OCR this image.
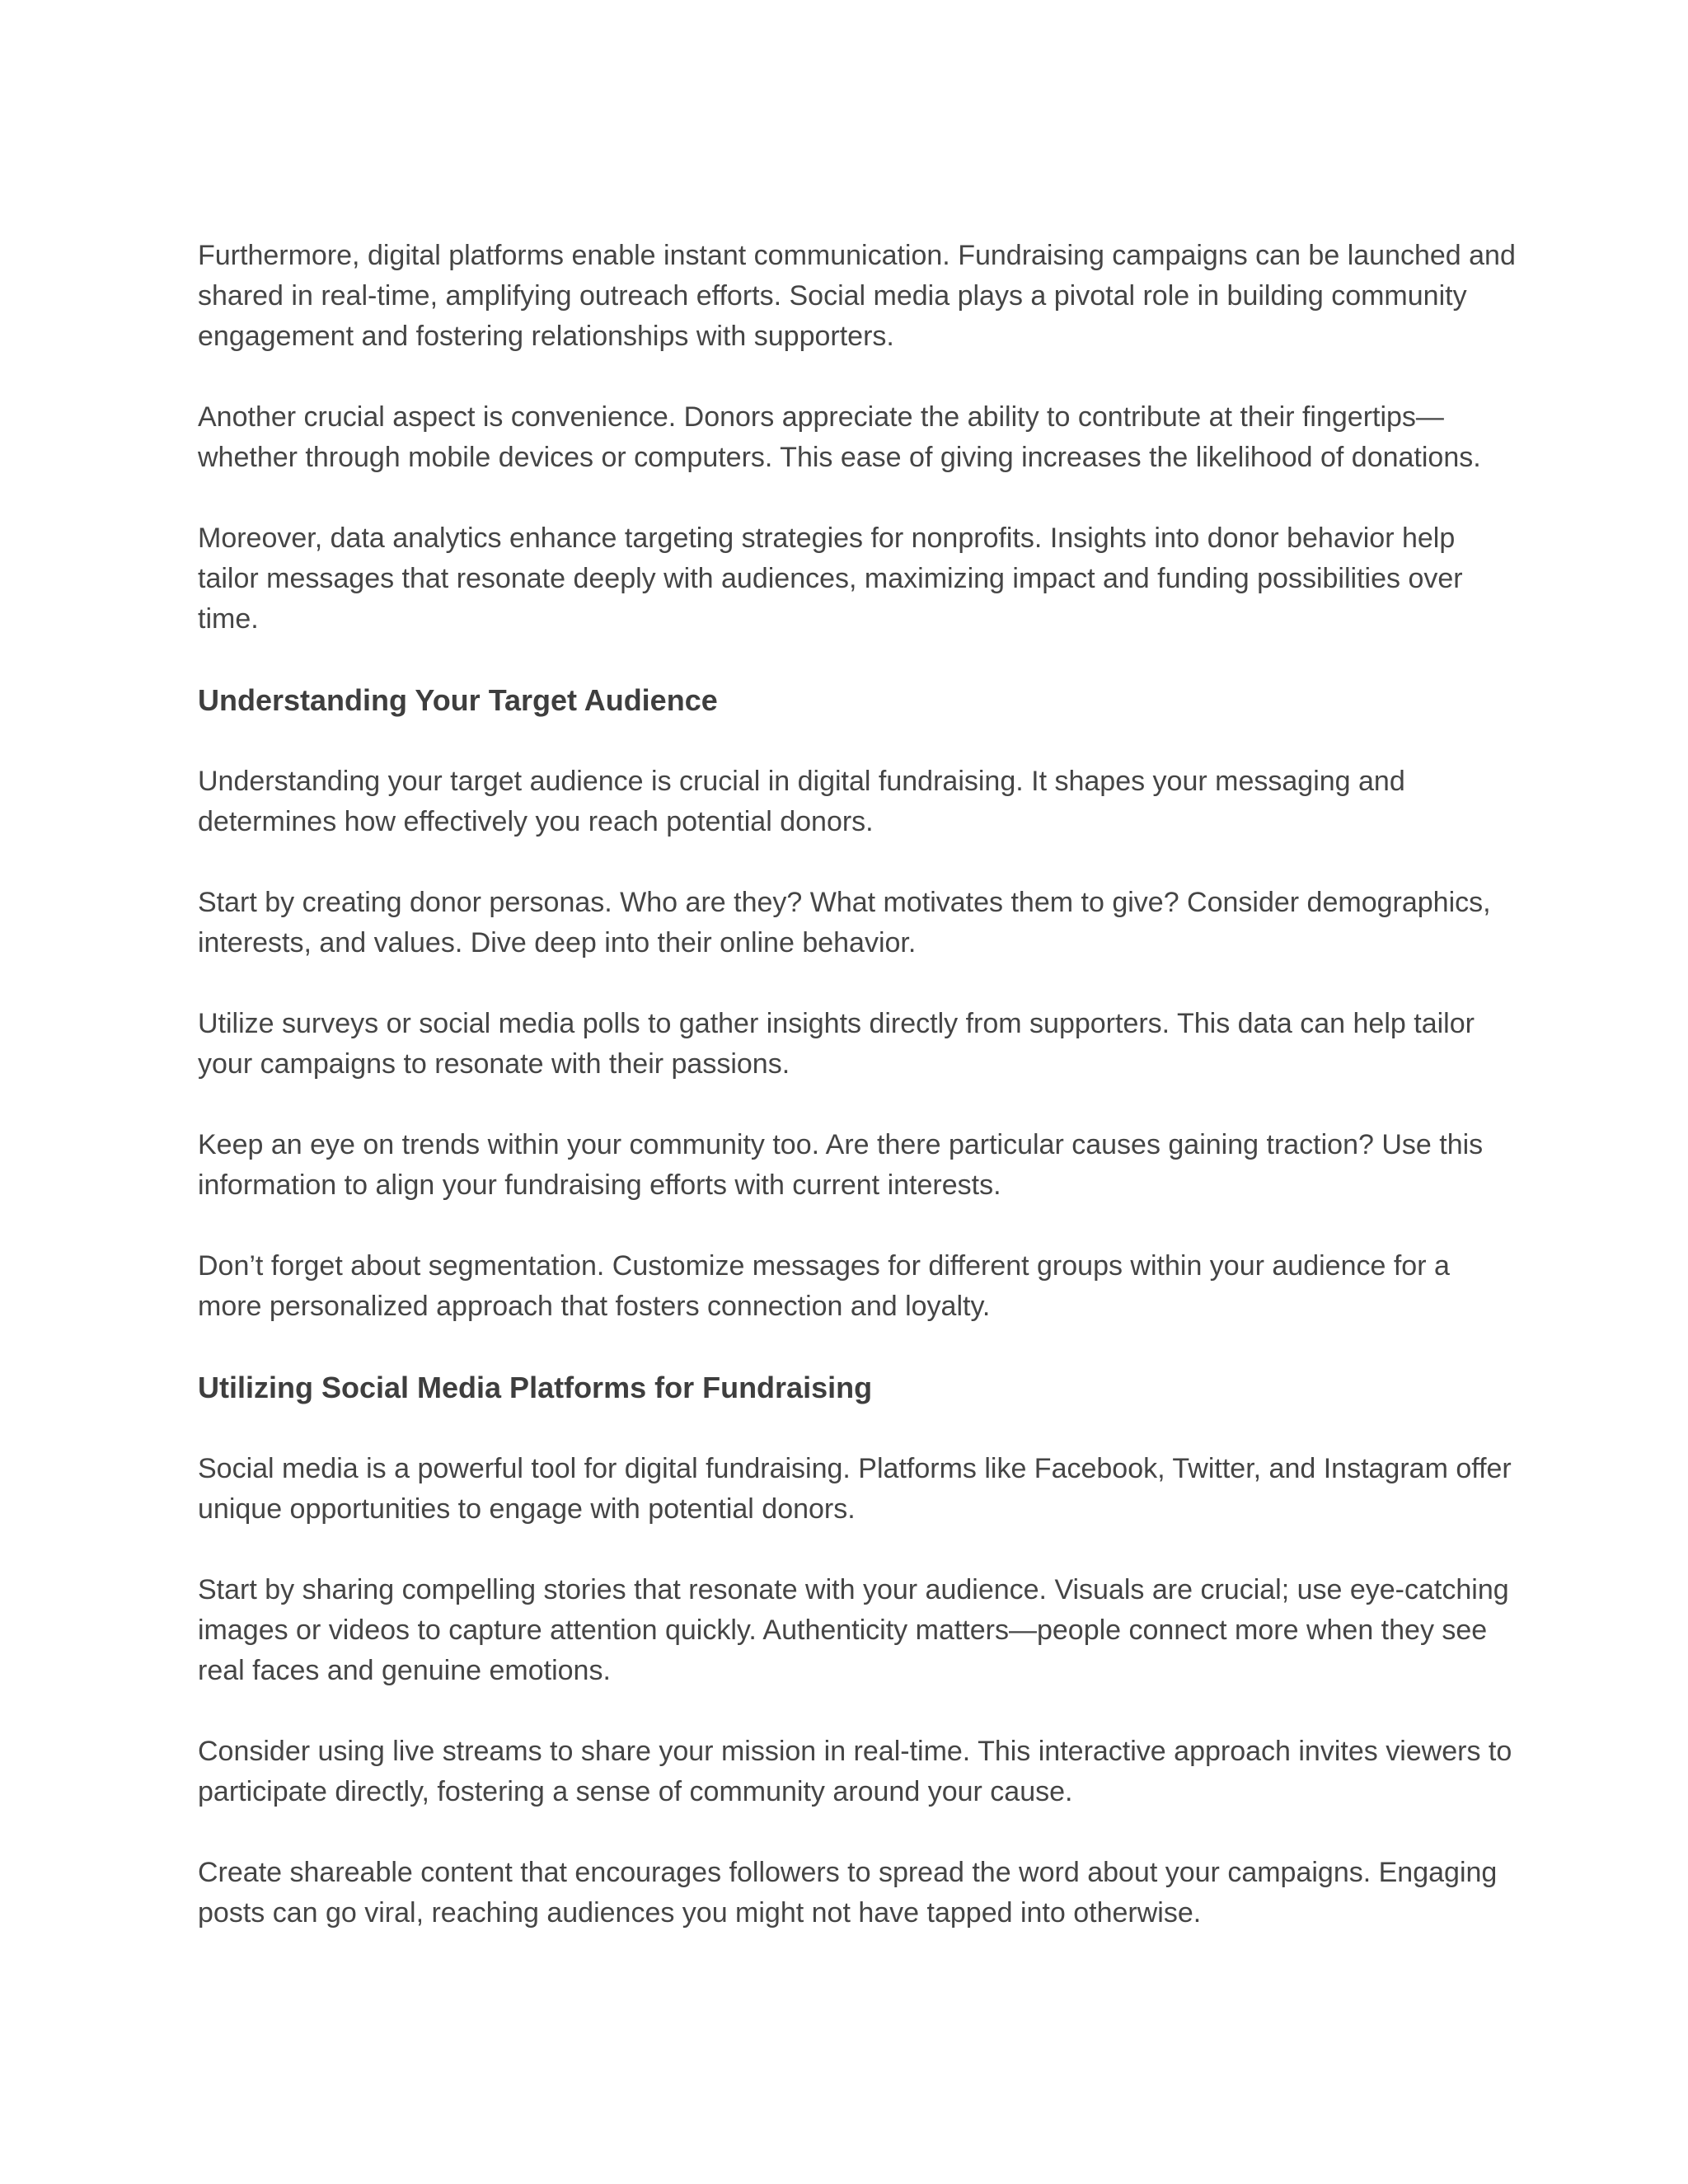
Furthermore, digital platforms enable instant communication. Fundraising campaigns can be launched and shared in real-time, amplifying outreach efforts. Social media plays a pivotal role in building community engagement and fostering relationships with supporters.

Another crucial aspect is convenience. Donors appreciate the ability to contribute at their fingertips—whether through mobile devices or computers. This ease of giving increases the likelihood of donations.

Moreover, data analytics enhance targeting strategies for nonprofits. Insights into donor behavior help tailor messages that resonate deeply with audiences, maximizing impact and funding possibilities over time.

Understanding Your Target Audience

Understanding your target audience is crucial in digital fundraising. It shapes your messaging and determines how effectively you reach potential donors.

Start by creating donor personas. Who are they? What motivates them to give? Consider demographics, interests, and values. Dive deep into their online behavior.

Utilize surveys or social media polls to gather insights directly from supporters. This data can help tailor your campaigns to resonate with their passions.

Keep an eye on trends within your community too. Are there particular causes gaining traction? Use this information to align your fundraising efforts with current interests.

Don’t forget about segmentation. Customize messages for different groups within your audience for a more personalized approach that fosters connection and loyalty.

Utilizing Social Media Platforms for Fundraising

Social media is a powerful tool for digital fundraising. Platforms like Facebook, Twitter, and Instagram offer unique opportunities to engage with potential donors.

Start by sharing compelling stories that resonate with your audience. Visuals are crucial; use eye-catching images or videos to capture attention quickly. Authenticity matters—people connect more when they see real faces and genuine emotions.

Consider using live streams to share your mission in real-time. This interactive approach invites viewers to participate directly, fostering a sense of community around your cause.

Create shareable content that encourages followers to spread the word about your campaigns. Engaging posts can go viral, reaching audiences you might not have tapped into otherwise.
